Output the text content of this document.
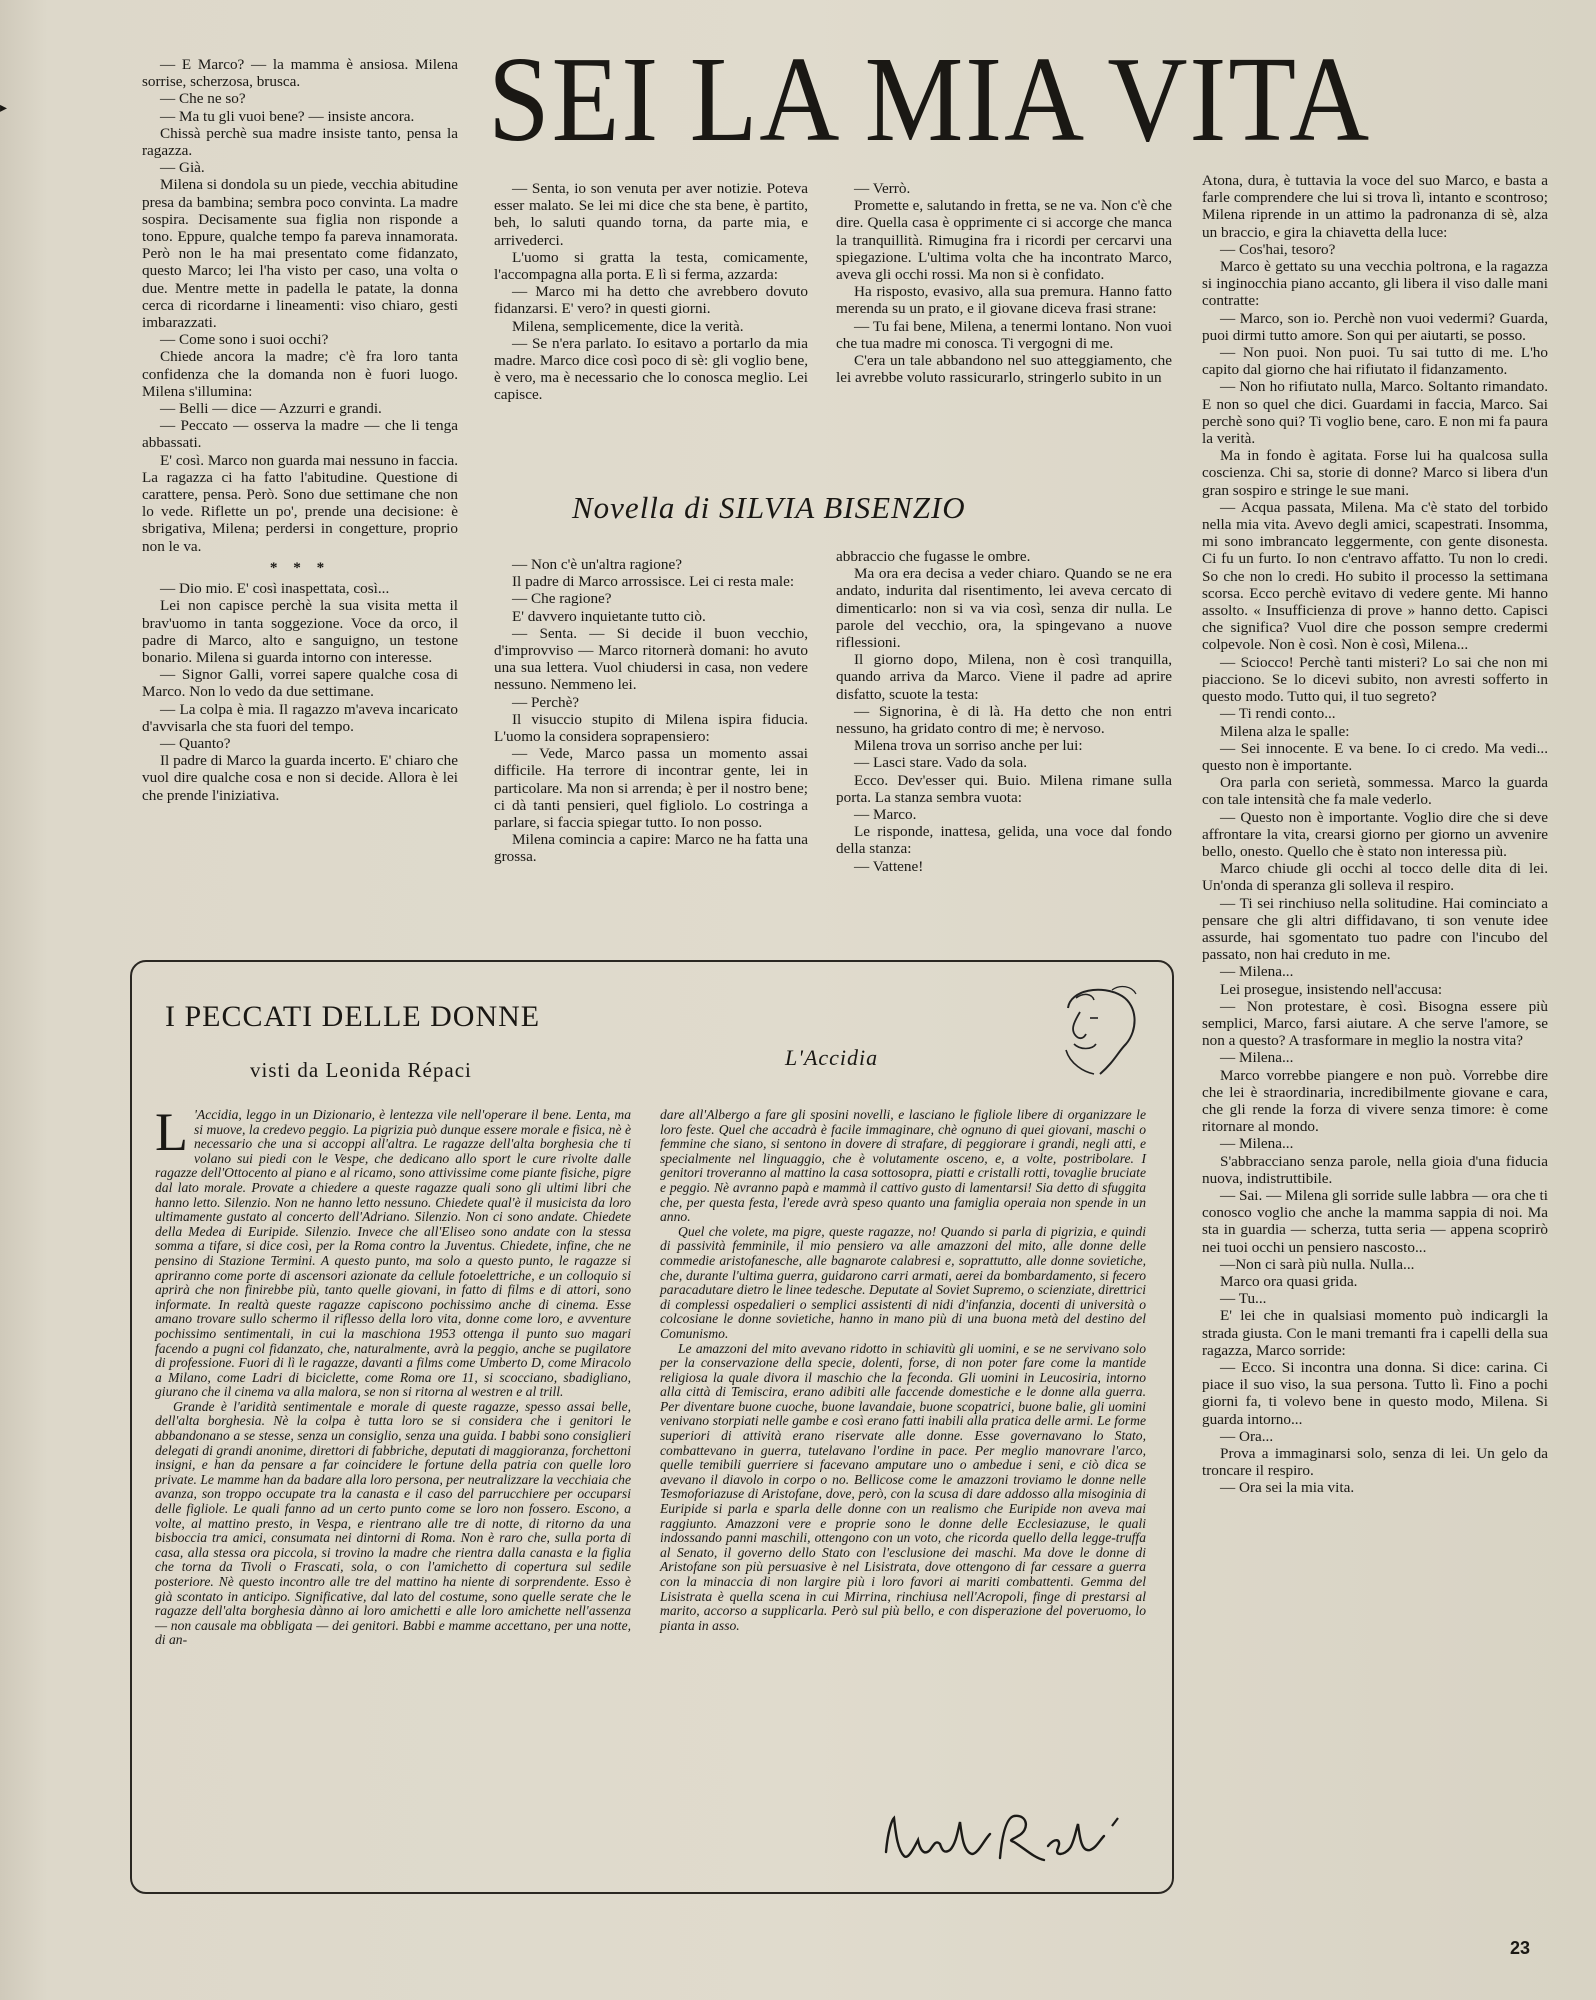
▸	SEI LA MIA VITA

— E Marco? — la mamma è ansiosa. Milena sorrise, scherzosa, brusca.

— Che ne so?

— Ma tu gli vuoi bene? — insiste ancora.

Chissà perchè sua madre insiste tanto, pensa la ragazza.

— Già.

Milena si dondola su un piede, vecchia abitudine presa da bambina; sembra poco convinta. La madre sospira. Decisamente sua figlia non risponde a tono. Eppure, qualche tempo fa pareva innamorata. Però non le ha mai presentato come fidanzato, questo Marco; lei l'ha visto per caso, una volta o due. Mentre mette in padella le patate, la donna cerca di ricordarne i lineamenti: viso chiaro, gesti imbarazzati.

— Come sono i suoi occhi?

Chiede ancora la madre; c'è fra loro tanta confidenza che la domanda non è fuori luogo. Milena s'illumina:

— Belli — dice — Azzurri e grandi.

— Peccato — osserva la madre — che li tenga abbassati.

E' così. Marco non guarda mai nessuno in faccia. La ragazza ci ha fatto l'abitudine. Questione di carattere, pensa. Però. Sono due settimane che non lo vede. Riflette un po', prende una decisione: è sbrigativa, Milena; perdersi in congetture, proprio non le va.

* * *

— Dio mio. E' così inaspettata, così...

Lei non capisce perchè la sua visita metta il brav'uomo in tanta soggezione. Voce da orco, il padre di Marco, alto e sanguigno, un testone bonario. Milena si guarda intorno con interesse.

— Signor Galli, vorrei sapere qualche cosa di Marco. Non lo vedo da due settimane.

— La colpa è mia. Il ragazzo m'aveva incaricato d'avvisarla che sta fuori del tempo.

— Quanto?

Il padre di Marco la guarda incerto. E' chiaro che vuol dire qualche cosa e non si decide. Allora è lei che prende l'iniziativa.

— Senta, io son venuta per aver notizie. Poteva esser malato. Se lei mi dice che sta bene, è partito, beh, lo saluti quando torna, da parte mia, e arrivederci.

L'uomo si gratta la testa, comicamente, l'accompagna alla porta. E lì si ferma, azzarda:

— Marco mi ha detto che avrebbero dovuto fidanzarsi. E' vero? in questi giorni.

Milena, semplicemente, dice la verità.

— Se n'era parlato. Io esitavo a portarlo da mia madre. Marco dice così poco di sè: gli voglio bene, è vero, ma è necessario che lo conosca meglio. Lei capisce.

— Verrò.

Promette e, salutando in fretta, se ne va. Non c'è che dire. Quella casa è opprimente ci si accorge che manca la tranquillità. Rimugina fra i ricordi per cercarvi una spiegazione. L'ultima volta che ha incontrato Marco, aveva gli occhi rossi. Ma non si è confidato.

Ha risposto, evasivo, alla sua premura. Hanno fatto merenda su un prato, e il giovane diceva frasi strane:

— Tu fai bene, Milena, a tenermi lontano. Non vuoi che tua madre mi conosca. Ti vergogni di me.

C'era un tale abbandono nel suo atteggiamento, che lei avrebbe voluto rassicurarlo, stringerlo subito in un

Novella di SILVIA BISENZIO

— Non c'è un'altra ragione?

Il padre di Marco arrossisce. Lei ci resta male:

— Che ragione?

E' davvero inquietante tutto ciò.

— Senta. — Si decide il buon vecchio, d'improvviso — Marco ritornerà domani: ho avuto una sua lettera. Vuol chiudersi in casa, non vedere nessuno. Nemmeno lei.

— Perchè?

Il visuccio stupito di Milena ispira fiducia. L'uomo la considera soprapensiero:

— Vede, Marco passa un momento assai difficile. Ha terrore di incontrar gente, lei in particolare. Ma non si arrenda; è per il nostro bene; ci dà tanti pensieri, quel figliolo. Lo costringa a parlare, si faccia spiegar tutto. Io non posso.

Milena comincia a capire: Marco ne ha fatta una grossa.

abbraccio che fugasse le ombre.

Ma ora era decisa a veder chiaro. Quando se ne era andato, indurita dal risentimento, lei aveva cercato di dimenticarlo: non si va via così, senza dir nulla. Le parole del vecchio, ora, la spingevano a nuove riflessioni.

Il giorno dopo, Milena, non è così tranquilla, quando arriva da Marco. Viene il padre ad aprire disfatto, scuote la testa:

— Signorina, è di là. Ha detto che non entri nessuno, ha gridato contro di me; è nervoso.

Milena trova un sorriso anche per lui:

— Lasci stare. Vado da sola.

Ecco. Dev'esser qui. Buio. Milena rimane sulla porta. La stanza sembra vuota:

— Marco.

Le risponde, inattesa, gelida, una voce dal fondo della stanza:

— Vattene!

Atona, dura, è tuttavia la voce del suo Marco, e basta a farle comprendere che lui si trova lì, intanto e scontroso; Milena riprende in un attimo la padronanza di sè, alza un braccio, e gira la chiavetta della luce:

— Cos'hai, tesoro?

Marco è gettato su una vecchia poltrona, e la ragazza si inginocchia piano accanto, gli libera il viso dalle mani contratte:

— Marco, son io. Perchè non vuoi vedermi? Guarda, puoi dirmi tutto amore. Son qui per aiutarti, se posso.

— Non puoi. Non puoi. Tu sai tutto di me. L'ho capito dal giorno che hai rifiutato il fidanzamento.

— Non ho rifiutato nulla, Marco. Soltanto rimandato. E non so quel che dici. Guardami in faccia, Marco. Sai perchè sono qui? Ti voglio bene, caro. E non mi fa paura la verità.

Ma in fondo è agitata. Forse lui ha qualcosa sulla coscienza. Chi sa, storie di donne? Marco si libera d'un gran sospiro e stringe le sue mani.

— Acqua passata, Milena. Ma c'è stato del torbido nella mia vita. Avevo degli amici, scapestrati. Insomma, mi sono imbrancato leggermente, con gente disonesta. Ci fu un furto. Io non c'entravo affatto. Tu non lo credi. So che non lo credi. Ho subito il processo la settimana scorsa. Ecco perchè evitavo di vedere gente. Mi hanno assolto. « Insufficienza di prove » hanno detto. Capisci che significa? Vuol dire che posson sempre credermi colpevole. Non è così. Non è così, Milena...

— Sciocco! Perchè tanti misteri? Lo sai che non mi piacciono. Se lo dicevi subito, non avresti sofferto in questo modo. Tutto qui, il tuo segreto?

— Ti rendi conto...

Milena alza le spalle:

— Sei innocente. E va bene. Io ci credo. Ma vedi... questo non è importante.

Ora parla con serietà, sommessa. Marco la guarda con tale intensità che fa male vederlo.

— Questo non è importante. Voglio dire che si deve affrontare la vita, crearsi giorno per giorno un avvenire bello, onesto. Quello che è stato non interessa più.

Marco chiude gli occhi al tocco delle dita di lei. Un'onda di speranza gli solleva il respiro.

— Ti sei rinchiuso nella solitudine. Hai cominciato a pensare che gli altri diffidavano, ti son venute idee assurde, hai sgomentato tuo padre con l'incubo del passato, non hai creduto in me.

— Milena...

Lei prosegue, insistendo nell'accusa:

— Non protestare, è così. Bisogna essere più semplici, Marco, farsi aiutare. A che serve l'amore, se non a questo? A trasformare in meglio la nostra vita?

— Milena...

Marco vorrebbe piangere e non può. Vorrebbe dire che lei è straordinaria, incredibilmente giovane e cara, che gli rende la forza di vivere senza timore: è come ritornare al mondo.

— Milena...

S'abbracciano senza parole, nella gioia d'una fiducia nuova, indistruttibile.

— Sai. — Milena gli sorride sulle labbra — ora che ti conosco voglio che anche la mamma sappia di noi. Ma sta in guardia — scherza, tutta seria — appena scoprirò nei tuoi occhi un pensiero nascosto...

—Non ci sarà più nulla. Nulla...

Marco ora quasi grida.

— Tu...

E' lei che in qualsiasi momento può indicargli la strada giusta. Con le mani tremanti fra i capelli della sua ragazza, Marco sorride:

— Ecco. Si incontra una donna. Si dice: carina. Ci piace il suo viso, la sua persona. Tutto lì. Fino a pochi giorni fa, ti volevo bene in questo modo, Milena. Si guarda intorno...

— Ora...

Prova a immaginarsi solo, senza di lei. Un gelo da troncare il respiro.

— Ora sei la mia vita.

I PECCATI DELLE DONNE
visti da Leonida Répaci	L'Accidia
L 'Accidia, leggo in un Dizionario, è lentezza vile nell'operare il bene. Lenta, ma si muove, la credevo peggio. La pigrizia può dunque essere morale e fisica, nè è necessario che una si accoppi all'altra. Le ragazze dell'alta borghesia che ti volano sui piedi con le Vespe, che dedicano allo sport le cure rivolte dalle ragazze dell'Ottocento al piano e al ricamo, sono attivissime come piante fisiche, pigre dal lato morale. Provate a chiedere a queste ragazze quali sono gli ultimi libri che hanno letto. Silenzio. Non ne hanno letto nessuno. Chiedete qual'è il musicista da loro ultimamente gustato al concerto dell'Adriano. Silenzio. Non ci sono andate. Chiedete della Medea di Euripide. Silenzio. Invece che all'Eliseo sono andate con la stessa somma a tifare, si dice così, per la Roma contro la Juventus. Chiedete, infine, che ne pensino di Stazione Termini. A questo punto, ma solo a questo punto, le ragazze si apriranno come porte di ascensori azionate da cellule fotoelettriche, e un colloquio si aprirà che non finirebbe più, tanto quelle giovani, in fatto di films e di attori, sono informate. In realtà queste ragazze capiscono pochissimo anche di cinema. Esse amano trovare sullo schermo il riflesso della loro vita, donne come loro, e avventure pochissimo sentimentali, in cui la maschiona 1953 ottenga il punto suo magari facendo a pugni col fidanzato, che, naturalmente, avrà la peggio, anche se pugilatore di professione. Fuori di lì le ragazze, davanti a films come Umberto D, come Miracolo a Milano, come Ladri di biciclette, come Roma ore 11, si scocciano, sbadigliano, giurano che il cinema va alla malora, se non si ritorna al westren e al trill.

Grande è l'aridità sentimentale e morale di queste ragazze, spesso assai belle, dell'alta borghesia. Nè la colpa è tutta loro se si considera che i genitori le abbandonano a se stesse, senza un consiglio, senza una guida. I babbi sono consiglieri delegati di grandi anonime, direttori di fabbriche, deputati di maggioranza, forchettoni insigni, e han da pensare a far coincidere le fortune della patria con quelle loro private. Le mamme han da badare alla loro persona, per neutralizzare la vecchiaia che avanza, son troppo occupate tra la canasta e il caso del parrucchiere per occuparsi delle figliole. Le quali fanno ad un certo punto come se loro non fossero. Escono, a volte, al mattino presto, in Vespa, e rientrano alle tre di notte, di ritorno da una bisboccia tra amici, consumata nei dintorni di Roma. Non è raro che, sulla porta di casa, alla stessa ora piccola, si trovino la madre che rientra dalla canasta e la figlia che torna da Tivoli o Frascati, sola, o con l'amichetto di copertura sul sedile posteriore. Nè questo incontro alle tre del mattino ha niente di sorprendente. Esso è già scontato in anticipo. Significative, dal lato del costume, sono quelle serate che le ragazze dell'alta borghesia dànno ai loro amichetti e alle loro amichette nell'assenza — non causale ma obbligata — dei genitori. Babbi e mamme accettano, per una notte, di an-

dare all'Albergo a fare gli sposini novelli, e lasciano le figliole libere di organizzare le loro feste. Quel che accadrà è facile immaginare, chè ognuno di quei giovani, maschi o femmine che siano, si sentono in dovere di strafare, di peggiorare i grandi, negli atti, e specialmente nel linguaggio, che è volutamente osceno, e, a volte, postribolare. I genitori troveranno al mattino la casa sottosopra, piatti e cristalli rotti, tovaglie bruciate e peggio. Nè avranno papà e mammà il cattivo gusto di lamentarsi! Sia detto di sfuggita che, per questa festa, l'erede avrà speso quanto una famiglia operaia non spende in un anno.

Quel che volete, ma pigre, queste ragazze, no! Quando si parla di pigrizia, e quindi di passività femminile, il mio pensiero va alle amazzoni del mito, alle donne delle commedie aristofanesche, alle bagnarote calabresi e, soprattutto, alle donne sovietiche, che, durante l'ultima guerra, guidarono carri armati, aerei da bombardamento, si fecero paracadutare dietro le linee tedesche. Deputate al Soviet Supremo, o scienziate, direttrici di complessi ospedalieri o semplici assistenti di nidi d'infanzia, docenti di università o colcosiane le donne sovietiche, hanno in mano più di una buona metà del destino del Comunismo.

Le amazzoni del mito avevano ridotto in schiavitù gli uomini, e se ne servivano solo per la conservazione della specie, dolenti, forse, di non poter fare come la mantide religiosa la quale divora il maschio che la feconda. Gli uomini in Leucosiria, intorno alla città di Temiscira, erano adibiti alle faccende domestiche e le donne alla guerra. Per diventare buone cuoche, buone lavandaie, buone scopatrici, buone balie, gli uomini venivano storpiati nelle gambe e così erano fatti inabili alla pratica delle armi. Le forme superiori di attività erano riservate alle donne. Esse governavano lo Stato, combattevano in guerra, tutelavano l'ordine in pace. Per meglio manovrare l'arco, quelle temibili guerriere si facevano amputare uno o ambedue i seni, e ciò dica se avevano il diavolo in corpo o no. Bellicose come le amazzoni troviamo le donne nelle Tesmoforiazuse di Aristofane, dove, però, con la scusa di dare addosso alla misoginia di Euripide si parla e sparla delle donne con un realismo che Euripide non aveva mai raggiunto. Amazzoni vere e proprie sono le donne delle Ecclesiazuse, le quali indossando panni maschili, ottengono con un voto, che ricorda quello della legge-truffa al Senato, il governo dello Stato con l'esclusione dei maschi. Ma dove le donne di Aristofane son più persuasive è nel Lisistrata, dove ottengono di far cessare a guerra con la minaccia di non largire più i loro favori ai mariti combattenti. Gemma del Lisistrata è quella scena in cui Mirrina, rinchiusa nell'Acropoli, finge di prestarsi al marito, accorso a supplicarla. Però sul più bello, e con disperazione del poveruomo, lo pianta in asso.

23
